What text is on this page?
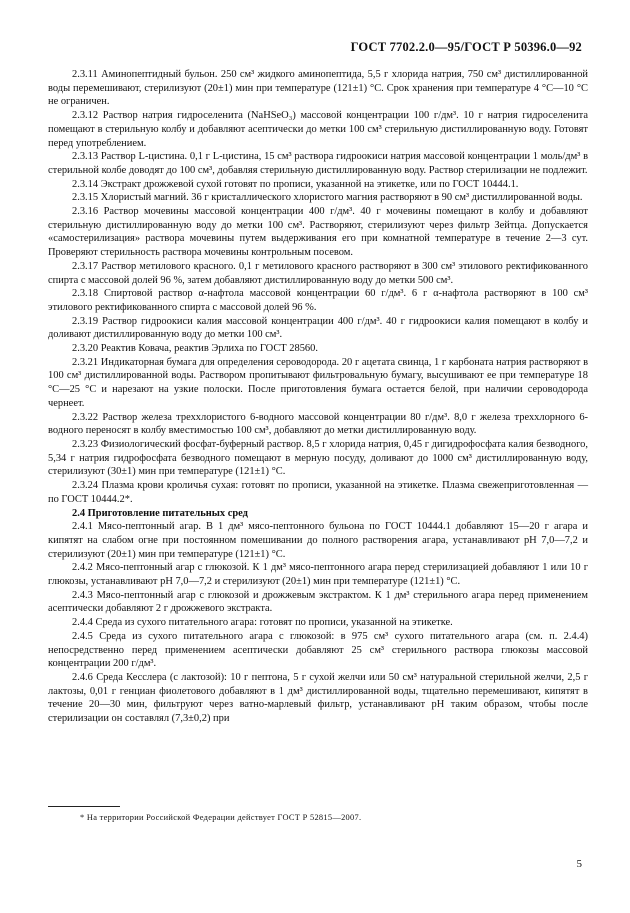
ГОСТ 7702.2.0—95/ГОСТ Р 50396.0—92

2.3.11 Аминопептидный бульон. 250 см³ жидкого аминопептида, 5,5 г хлорида натрия, 750 см³ дистиллированной воды перемешивают, стерилизуют (20±1) мин при температуре (121±1) °С. Срок хранения при температуре 4 °С—10 °С не ограничен.

2.3.12 Раствор натрия гидроселенита (NaHSeO₃) массовой концентрации 100 г/дм³. 10 г натрия гидроселенита помещают в стерильную колбу и добавляют асептически до метки 100 см³ стерильную дистиллированную воду. Готовят перед употреблением.

2.3.13 Раствор L-цистина. 0,1 г L-цистина, 15 см³ раствора гидроокиси натрия массовой концентрации 1 моль/дм³ в стерильной колбе доводят до 100 см³, добавляя стерильную дистиллированную воду. Раствор стерилизации не подлежит.

2.3.14 Экстракт дрожжевой сухой готовят по прописи, указанной на этикетке, или по ГОСТ 10444.1.

2.3.15 Хлористый магний. 36 г кристаллического хлористого магния растворяют в 90 см³ дистиллированной воды.

2.3.16 Раствор мочевины массовой концентрации 400 г/дм³. 40 г мочевины помещают в колбу и добавляют стерильную дистиллированную воду до метки 100 см³. Растворяют, стерилизуют через фильтр Зейтца. Допускается «самостерилизация» раствора мочевины путем выдерживания его при комнатной температуре в течение 2—3 сут. Проверяют стерильность раствора мочевины контрольным посевом.

2.3.17 Раствор метилового красного. 0,1 г метилового красного растворяют в 300 см³ этилового ректификованного спирта с массовой долей 96 %, затем добавляют дистиллированную воду до метки 500 см³.

2.3.18 Спиртовой раствор α-нафтола массовой концентрации 60 г/дм³. 6 г α-нафтола растворяют в 100 см³ этилового ректификованного спирта с массовой долей 96 %.

2.3.19 Раствор гидроокиси калия массовой концентрации 400 г/дм³. 40 г гидроокиси калия помещают в колбу и доливают дистиллированную воду до метки 100 см³.

2.3.20 Реактив Ковача, реактив Эрлиха по ГОСТ 28560.

2.3.21 Индикаторная бумага для определения сероводорода. 20 г ацетата свинца, 1 г карбоната натрия растворяют в 100 см³ дистиллированной воды. Раствором пропитывают фильтровальную бумагу, высушивают ее при температуре 18 °С—25 °С и нарезают на узкие полоски. После приготовления бумага остается белой, при наличии сероводорода чернеет.

2.3.22 Раствор железа треххлористого 6-водного массовой концентрации 80 г/дм³. 8,0 г железа треххлорного 6-водного переносят в колбу вместимостью 100 см³, добавляют до метки дистиллированную воду.

2.3.23 Физиологический фосфат-буферный раствор. 8,5 г хлорида натрия, 0,45 г дигидрофосфата калия безводного, 5,34 г натрия гидрофосфата безводного помещают в мерную посуду, доливают до 1000 см³ дистиллированную воду, стерилизуют (30±1) мин при температуре (121±1) °С.

2.3.24 Плазма крови кроличья сухая: готовят по прописи, указанной на этикетке. Плазма свежеприготовленная — по ГОСТ 10444.2*.

2.4 Приготовление питательных сред

2.4.1 Мясо-пептонный агар. В 1 дм³ мясо-пептонного бульона по ГОСТ 10444.1 добавляют 15—20 г агара и кипятят на слабом огне при постоянном помешивании до полного растворения агара, устанавливают pH 7,0—7,2 и стерилизуют (20±1) мин при температуре (121±1) °С.

2.4.2 Мясо-пептонный агар с глюкозой. К 1 дм³ мясо-пептонного агара перед стерилизацией добавляют 1 или 10 г глюкозы, устанавливают pH 7,0—7,2 и стерилизуют (20±1) мин при температуре (121±1) °С.

2.4.3 Мясо-пептонный агар с глюкозой и дрожжевым экстрактом. К 1 дм³ стерильного агара перед применением асептически добавляют 2 г дрожжевого экстракта.

2.4.4 Среда из сухого питательного агара: готовят по прописи, указанной на этикетке.

2.4.5 Среда из сухого питательного агара с глюкозой: в 975 см³ сухого питательного агара (см. п. 2.4.4) непосредственно перед применением асептически добавляют 25 см³ стерильного раствора глюкозы массовой концентрации 200 г/дм³.

2.4.6 Среда Кесслера (с лактозой): 10 г пептона, 5 г сухой желчи или 50 см³ натуральной стерильной желчи, 2,5 г лактозы, 0,01 г генциан фиолетового добавляют в 1 дм³ дистиллированной воды, тщательно перемешивают, кипятят в течение 20—30 мин, фильтруют через ватно-марлевый фильтр, устанавливают pH таким образом, чтобы после стерилизации он составлял (7,3±0,2) при

* На территории Российской Федерации действует ГОСТ Р 52815—2007.
5
